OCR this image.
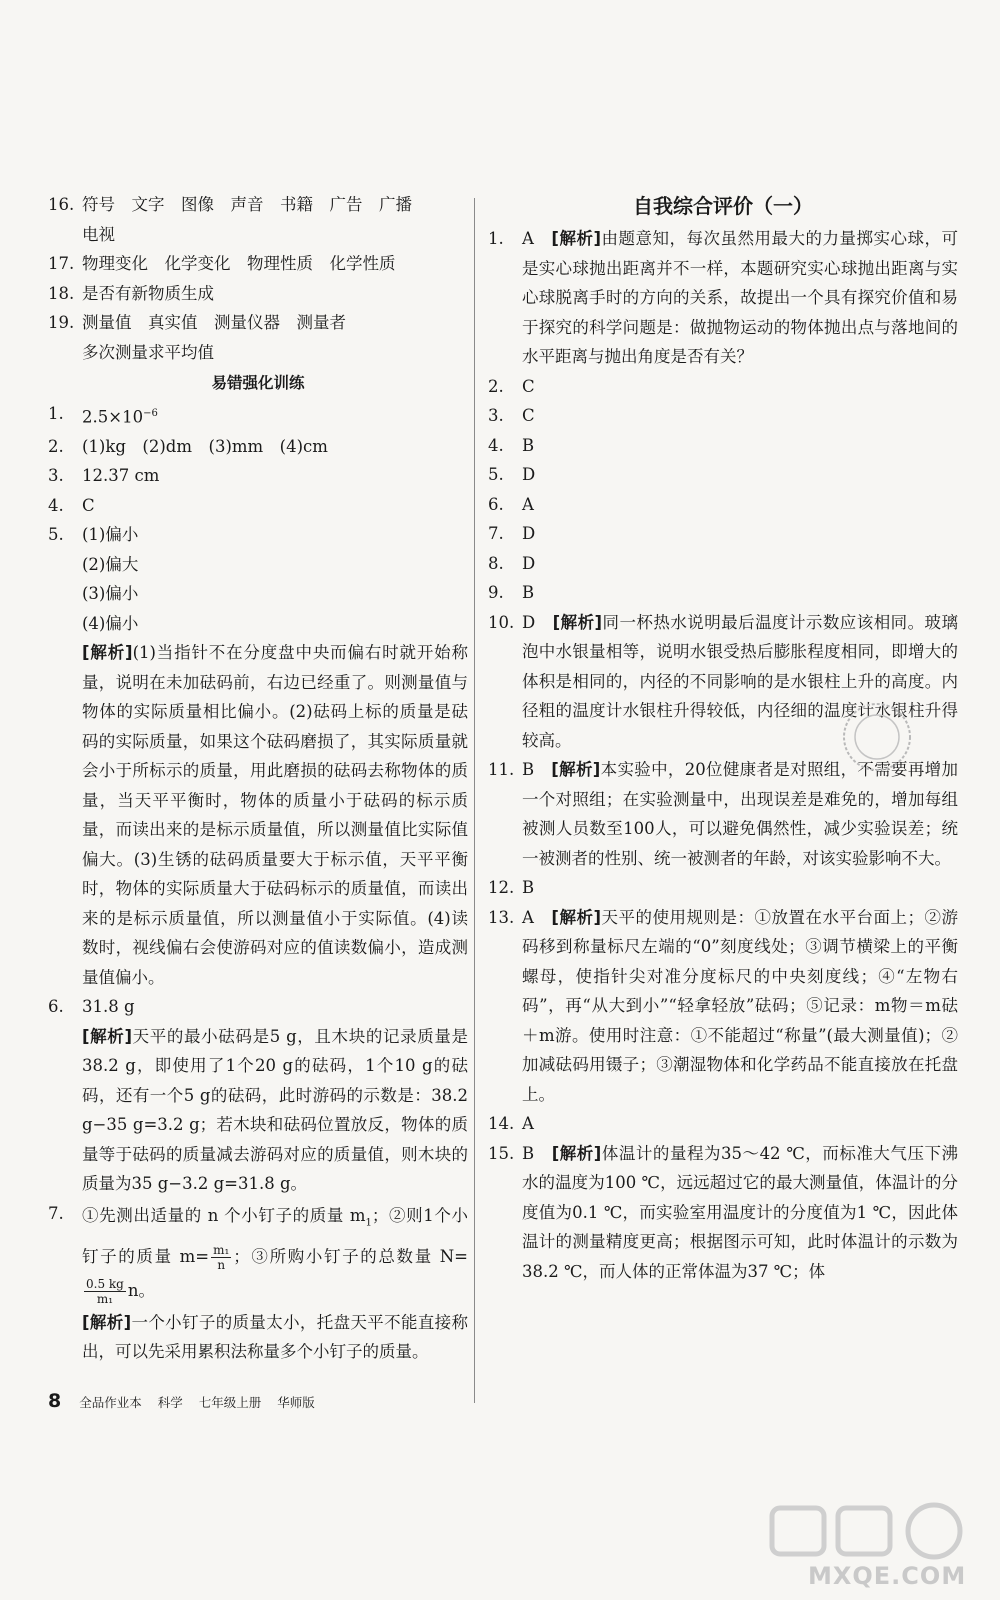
16. 符号　文字　图像　声音　书籍　广告　广播
电视
17. 物理变化　化学变化　物理性质　化学性质
18. 是否有新物质生成
19. 测量值　真实值　测量仪器　测量者
多次测量求平均值
易错强化训练
1.	$2.5\times 10^{-6}$
2.	(1)kg　(2)dm　(3)mm　(4)cm
3.	12.37 cm
4.	C
5.	(1)偏小
(2)偏大
(3)偏小
(4)偏小
[解析](1)当指针不在分度盘中央而偏右时就开始称量，说明在未加砝码前，右边已经重了。则测量值与物体的实际质量相比偏小。(2)砝码上标的质量是砝码的实际质量，如果这个砝码磨损了，其实际质量就会小于所标示的质量，用此磨损的砝码去称物体的质量，当天平平衡时，物体的质量小于砝码的标示质量，而读出来的是标示质量值，所以测量值比实际值偏大。(3)生锈的砝码质量要大于标示值，天平平衡时，物体的实际质量大于砝码标示的质量值，而读出来的是标示质量值，所以测量值小于实际值。(4)读数时，视线偏右会使游码对应的值读数偏小，造成测量值偏小。
6.	31.8 g
[解析]天平的最小砝码是5 g，且木块的记录质量是38.2 g，即使用了1个20 g的砝码，1个10 g的砝码，还有一个5 g的砝码，此时游码的示数是：38.2 g−35 g=3.2 g；若木块和砝码位置放反，物体的质量等于砝码的质量减去游码对应的质量值，则木块的质量为35 g−3.2 g=31.8 g。
7.	①先测出适量的 n 个小钉子的质量 $m_1$；②则1个小钉子的质量 $m= \frac{\text{m₁}}{n}$ ；③所购小钉子的总数量 N=
$\frac{0.5 kg}{\text{m₁}}$ n。
[解析]一个小钉子的质量太小，托盘天平不能直接称出，可以先采用累积法称量多个小钉子的质量。
自我综合评价（一）
1.	A　 [解析]由题意知，每次虽然用最大的力量掷实心球，可是实心球抛出距离并不一样，本题研究实心球抛出距离与实心球脱离手时的方向的关系，故提出一个具有探究价值和易于探究的科学问题是：做抛物运动的物体抛出点与落地间的水平距离与抛出角度是否有关？
2.	C
3.	C
4.	B
5.	D
6.	A
7.	D
8.	D
9.	B
10. D　 [解析]同一杯热水说明最后温度计示数应该相同。玻璃泡中水银量相等，说明水银受热后膨胀程度相同，即增大的体积是相同的，内径的不同影响的是水银柱上升的高度。内径粗的温度计水银柱升得较低，内径细的温度计水银柱升得较高。
11. B　 [解析]本实验中，20位健康者是对照组，不需要再增加一个对照组；在实验测量中，出现误差是难免的，增加每组被测人员数至100人，可以避免偶然性，减少实验误差；统一被测者的性别、统一被测者的年龄，对该实验影响不大。
12. B
13. A　 [解析]天平的使用规则是：①放置在水平台面上；②游码移到称量标尺左端的“0”刻度线处；③调节横梁上的平衡螺母，使指针尖对准分度标尺的中央刻度线；④“左物右码”，再“从大到小”“轻拿轻放”砝码；⑤记录：m物＝m砝＋m游。使用时注意：①不能超过“称量”(最大测量值)；②加减砝码用镊子；③潮湿物体和化学药品不能直接放在托盘上。
14. A
15. B　 [解析]体温计的量程为35～42 ℃，而标准大气压下沸水的温度为100 ℃，远远超过它的最大测量值，体温计的分度值为0.1 ℃，而实验室用温度计的分度值为1 ℃，因此体温计的测量精度更高；根据图示可知，此时体温计的示数为38.2 ℃，而人体的正常体温为37 ℃；体
8 全品作业本 科学 七年级上册 华师版
MXQE.COM
